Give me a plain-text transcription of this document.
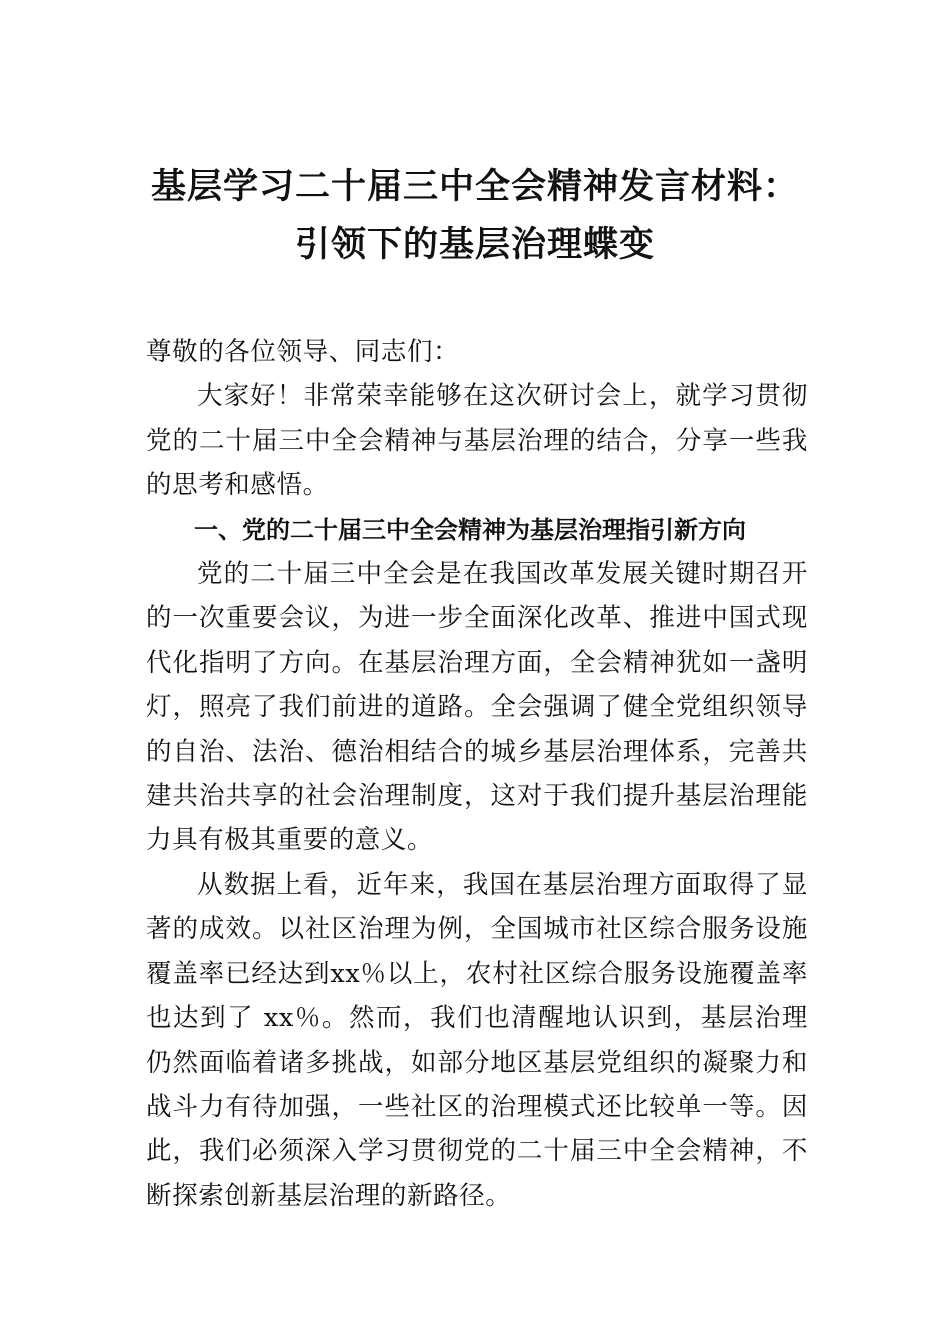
基层学习二十届三中全会精神发言材料：

引领下的基层治理蝶变

尊敬的各位领导、同志们：

大家好！非常荣幸能够在这次研讨会上，就学习贯彻党的二十届三中全会精神与基层治理的结合，分享一些我的思考和感悟。

一、党的二十届三中全会精神为基层治理指引新方向

党的二十届三中全会是在我国改革发展关键时期召开的一次重要会议，为进一步全面深化改革、推进中国式现代化指明了方向。在基层治理方面，全会精神犹如一盏明灯，照亮了我们前进的道路。全会强调了健全党组织领导的自治、法治、德治相结合的城乡基层治理体系，完善共建共治共享的社会治理制度，这对于我们提升基层治理能力具有极其重要的意义。

从数据上看，近年来，我国在基层治理方面取得了显著的成效。以社区治理为例，全国城市社区综合服务设施覆盖率已经达到xx％以上，农村社区综合服务设施覆盖率也达到了 xx％。然而，我们也清醒地认识到，基层治理仍然面临着诸多挑战，如部分地区基层党组织的凝聚力和战斗力有待加强，一些社区的治理模式还比较单一等。因此，我们必须深入学习贯彻党的二十届三中全会精神，不断探索创新基层治理的新路径。
